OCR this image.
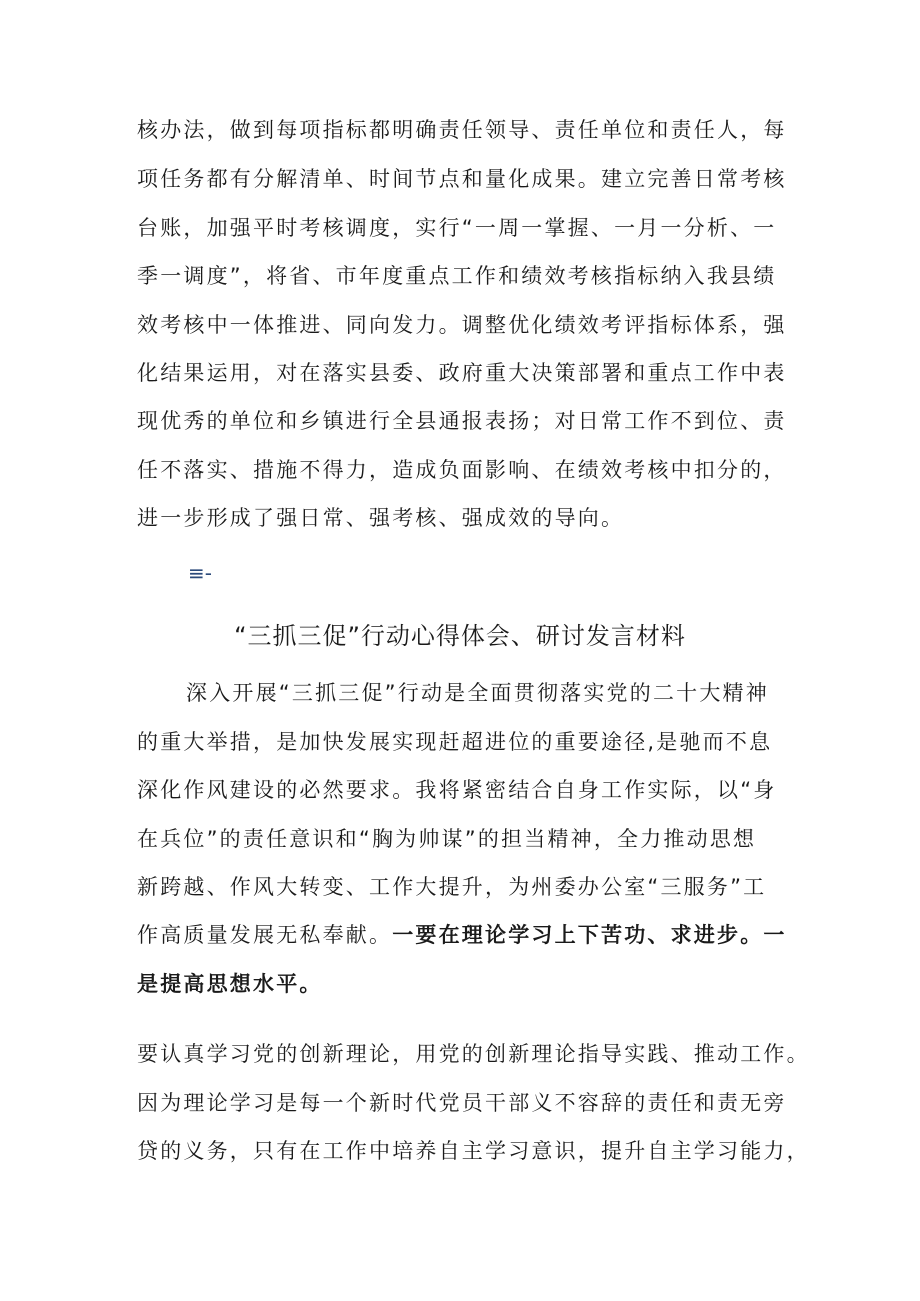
核办法，做到每项指标都明确责任领导、责任单位和责任人，每
项任务都有分解清单、时间节点和量化成果。建立完善日常考核
台账，加强平时考核调度，实行“一周一掌握、一月一分析、一
季一调度”，将省、市年度重点工作和绩效考核指标纳入我县绩
效考核中一体推进、同向发力。调整优化绩效考评指标体系，强
化结果运用，对在落实县委、政府重大决策部署和重点工作中表
现优秀的单位和乡镇进行全县通报表扬；对日常工作不到位、责
任不落实、措施不得力，造成负面影响、在绩效考核中扣分的，
进一步形成了强日常、强考核、强成效的导向。
≡-
“三抓三促”行动心得体会、研讨发言材料
深入开展“三抓三促”行动是全面贯彻落实党的二十大精神
的重大举措，是加快发展实现赶超进位的重要途径,是驰而不息
深化作风建设的必然要求。我将紧密结合自身工作实际，以“身
在兵位”的责任意识和“胸为帅谋”的担当精神，全力推动思想
新跨越、作风大转变、工作大提升，为州委办公室“三服务”工
作高质量发展无私奉献。一要在理论学习上下苦功、求进步。一
是提高思想水平。
要认真学习党的创新理论，用党的创新理论指导实践、推动工作。
因为理论学习是每一个新时代党员干部义不容辞的责任和责无旁
贷的义务，只有在工作中培养自主学习意识，提升自主学习能力，
